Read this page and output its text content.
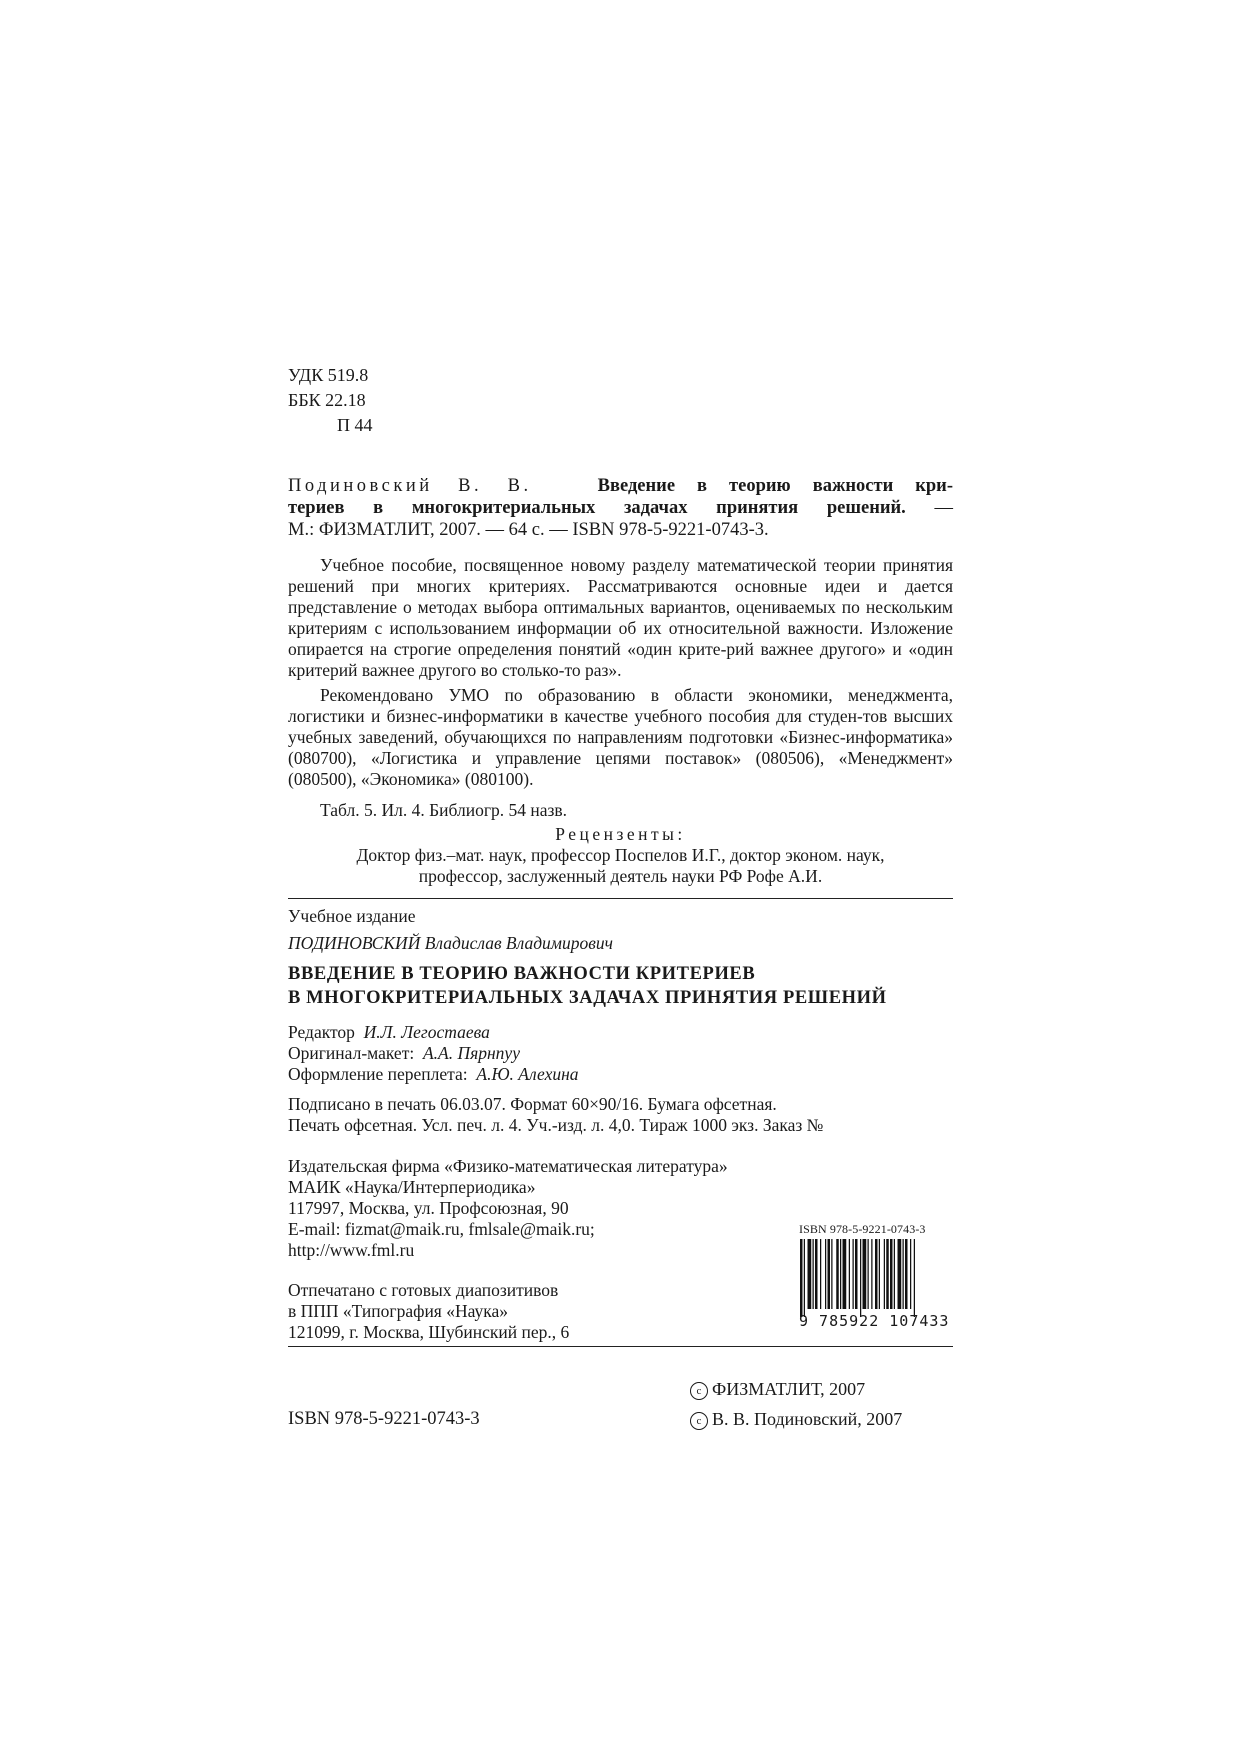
УДК 519.8
ББК 22.18
П 44

Подиновский В. В.	Введение в теорию важности кри-

териев в многокритериальных задачах принятия решений. —

М.: ФИЗМАТЛИТ, 2007. — 64 с. — ISBN 978-5-9221-0743-3.

Учебное пособие, посвященное новому разделу математической теории принятия решений при многих критериях. Рассматриваются основные идеи и дается представление о методах выбора оптимальных вариантов, оцениваемых по нескольким критериям с использованием информации об их относительной важности. Изложение опирается на строгие определения понятий «один крите-рий важнее другого» и «один критерий важнее другого во столько-то раз».

Рекомендовано УМО по образованию в области экономики, менеджмента, логистики и бизнес-информатики в качестве учебного пособия для студен-тов высших учебных заведений, обучающихся по направлениям подготовки «Бизнес-информатика» (080700), «Логистика и управление цепями поставок» (080506), «Менеджмент» (080500), «Экономика» (080100).

Табл. 5. Ил. 4. Библиогр. 54 назв.

Рецензенты:

Доктор физ.–мат. наук, профессор Поспелов И.Г., доктор эконом. наук,

профессор, заслуженный деятель науки РФ Рофе А.И.

Учебное издание

ПОДИНОВСКИЙ Владислав Владимирович

ВВЕДЕНИЕ В ТЕОРИЮ ВАЖНОСТИ КРИТЕРИЕВ

В МНОГОКРИТЕРИАЛЬНЫХ ЗАДАЧАХ ПРИНЯТИЯ РЕШЕНИЙ

Редактор И.Л. Легостаева

Оригинал-макет: А.А. Пярнпуу

Оформление переплета: А.Ю. Алехина

Подписано в печать 06.03.07. Формат 60×90/16. Бумага офсетная.

Печать офсетная. Усл. печ. л. 4. Уч.-изд. л. 4,0. Тираж 1000 экз. Заказ №

Издательская фирма «Физико-математическая литература»

МАИК «Наука/Интерпериодика»

117997, Москва, ул. Профсоюзная, 90

E-mail: fizmat@maik.ru, fmlsale@maik.ru;

http://www.fml.ru

Отпечатано с готовых диапозитивов

в ППП «Типография «Наука»

121099, г. Москва, Шубинский пер., 6

ISBN 978-5-9221-0743-3
9 785922 107433
ISBN 978-5-9221-0743-3
c ФИЗМАТЛИТ, 2007
c В. В. Подиновский, 2007
